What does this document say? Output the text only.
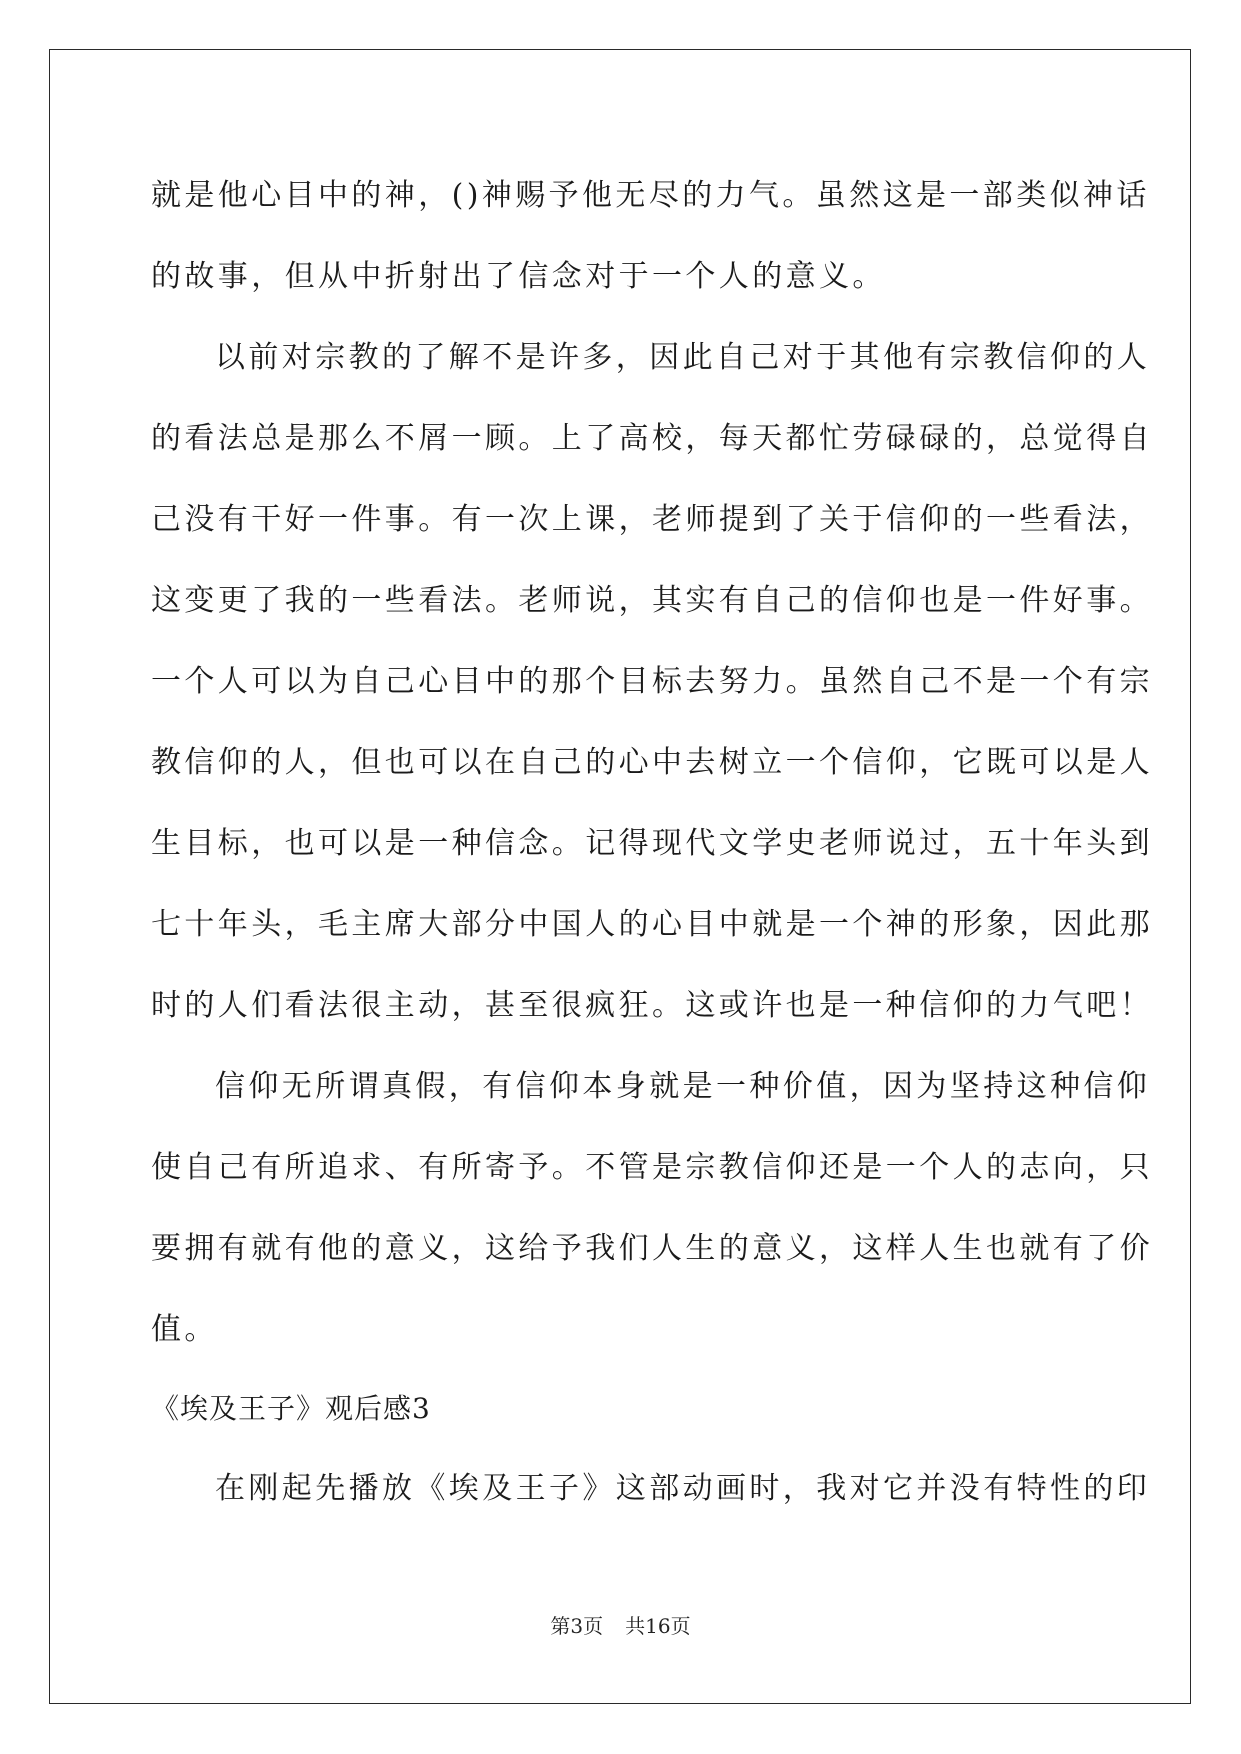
就是他心目中的神，()神赐予他无尽的力气。虽然这是一部类似神话
的故事，但从中折射出了信念对于一个人的意义。
以前对宗教的了解不是许多，因此自己对于其他有宗教信仰的人
的看法总是那么不屑一顾。上了高校，每天都忙劳碌碌的，总觉得自
己没有干好一件事。有一次上课，老师提到了关于信仰的一些看法，
这变更了我的一些看法。老师说，其实有自己的信仰也是一件好事。
一个人可以为自己心目中的那个目标去努力。虽然自己不是一个有宗
教信仰的人，但也可以在自己的心中去树立一个信仰，它既可以是人
生目标，也可以是一种信念。记得现代文学史老师说过，五十年头到
七十年头，毛主席大部分中国人的心目中就是一个神的形象，因此那
时的人们看法很主动，甚至很疯狂。这或许也是一种信仰的力气吧！
信仰无所谓真假，有信仰本身就是一种价值，因为坚持这种信仰
使自己有所追求、有所寄予。不管是宗教信仰还是一个人的志向，只
要拥有就有他的意义，这给予我们人生的意义，这样人生也就有了价
值。
《埃及王子》观后感3
在刚起先播放《埃及王子》这部动画时，我对它并没有特性的印
第3页 共16页
